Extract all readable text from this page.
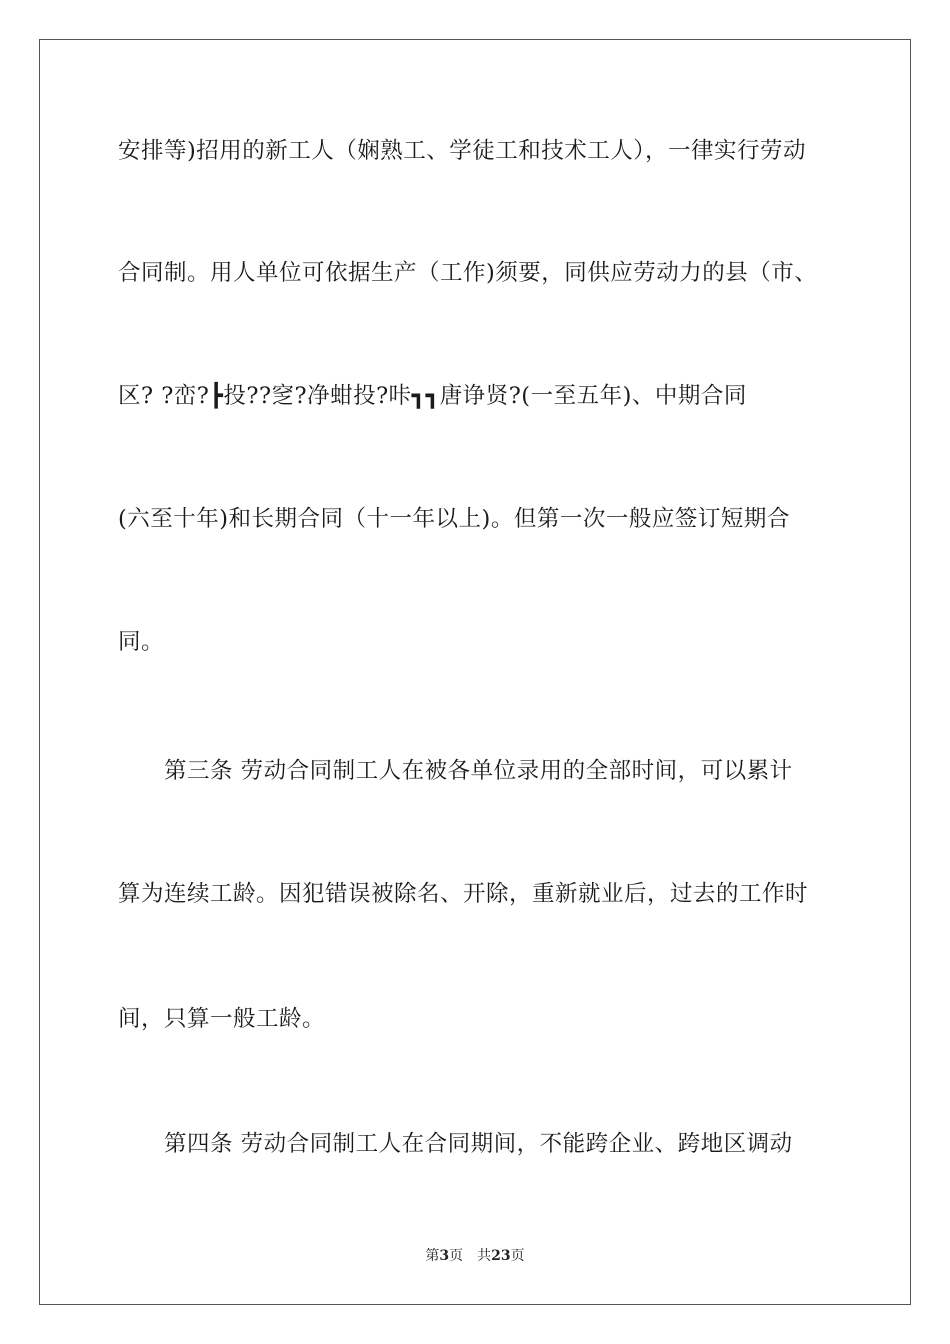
安排等)招用的新工人（娴熟工、学徒工和技术工人），一律实行劳动
合同制。用人单位可依据生产（工作)须要，同供应劳动力的县（市、
区? ?峦?┣投??窆?净蚶投?咔┓┓唐诤贤?(一至五年)、中期合同
(六至十年)和长期合同（十一年以上)。但第一次一般应签订短期合
同。
第三条 劳动合同制工人在被各单位录用的全部时间，可以累计
算为连续工龄。因犯错误被除名、开除，重新就业后，过去的工作时
间，只算一般工龄。
第四条 劳动合同制工人在合同期间，不能跨企业、跨地区调动
第3页 共23页
